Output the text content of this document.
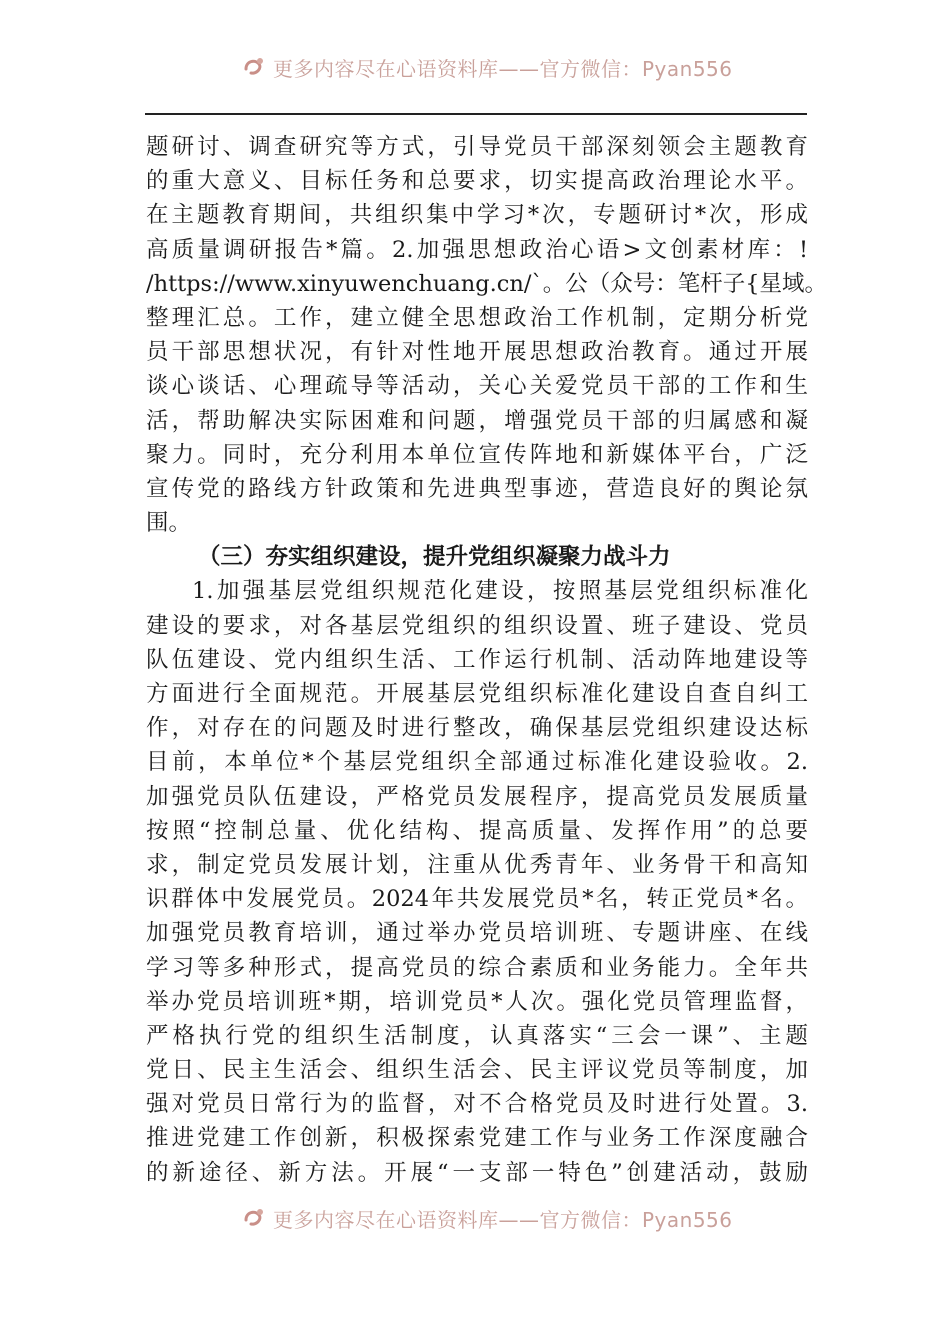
更多内容尽在心语资料库——官方微信：Pyan556
题研讨、调查研究等方式，引导党员干部深刻领会主题教育
的重大意义、目标任务和总要求，切实提高政治理论水平。
在主题教育期间，共组织集中学习*次，专题研讨*次，形成
高质量调研报告*篇。2.加强思想政治心语>文创素材库：!
/https://www.xinyuwenchuang.cn/`。公（众号：笔杆子{星域。
整理汇总。工作，建立健全思想政治工作机制，定期分析党
员干部思想状况，有针对性地开展思想政治教育。通过开展
谈心谈话、心理疏导等活动，关心关爱党员干部的工作和生
活，帮助解决实际困难和问题，增强党员干部的归属感和凝
聚力。同时，充分利用本单位宣传阵地和新媒体平台，广泛
宣传党的路线方针政策和先进典型事迹，营造良好的舆论氛
围。
（三）夯实组织建设，提升党组织凝聚力战斗力
1.加强基层党组织规范化建设，按照基层党组织标准化
建设的要求，对各基层党组织的组织设置、班子建设、党员
队伍建设、党内组织生活、工作运行机制、活动阵地建设等
方面进行全面规范。开展基层党组织标准化建设自查自纠工
作，对存在的问题及时进行整改，确保基层党组织建设达标
目前，本单位*个基层党组织全部通过标准化建设验收。2.
加强党员队伍建设，严格党员发展程序，提高党员发展质量
按照“控制总量、优化结构、提高质量、发挥作用”的总要
求，制定党员发展计划，注重从优秀青年、业务骨干和高知
识群体中发展党员。2024年共发展党员*名，转正党员*名。
加强党员教育培训，通过举办党员培训班、专题讲座、在线
学习等多种形式，提高党员的综合素质和业务能力。全年共
举办党员培训班*期，培训党员*人次。强化党员管理监督，
严格执行党的组织生活制度，认真落实“三会一课”、主题
党日、民主生活会、组织生活会、民主评议党员等制度，加
强对党员日常行为的监督，对不合格党员及时进行处置。3.
推进党建工作创新，积极探索党建工作与业务工作深度融合
的新途径、新方法。开展“一支部一特色”创建活动，鼓励
更多内容尽在心语资料库——官方微信：Pyan556
